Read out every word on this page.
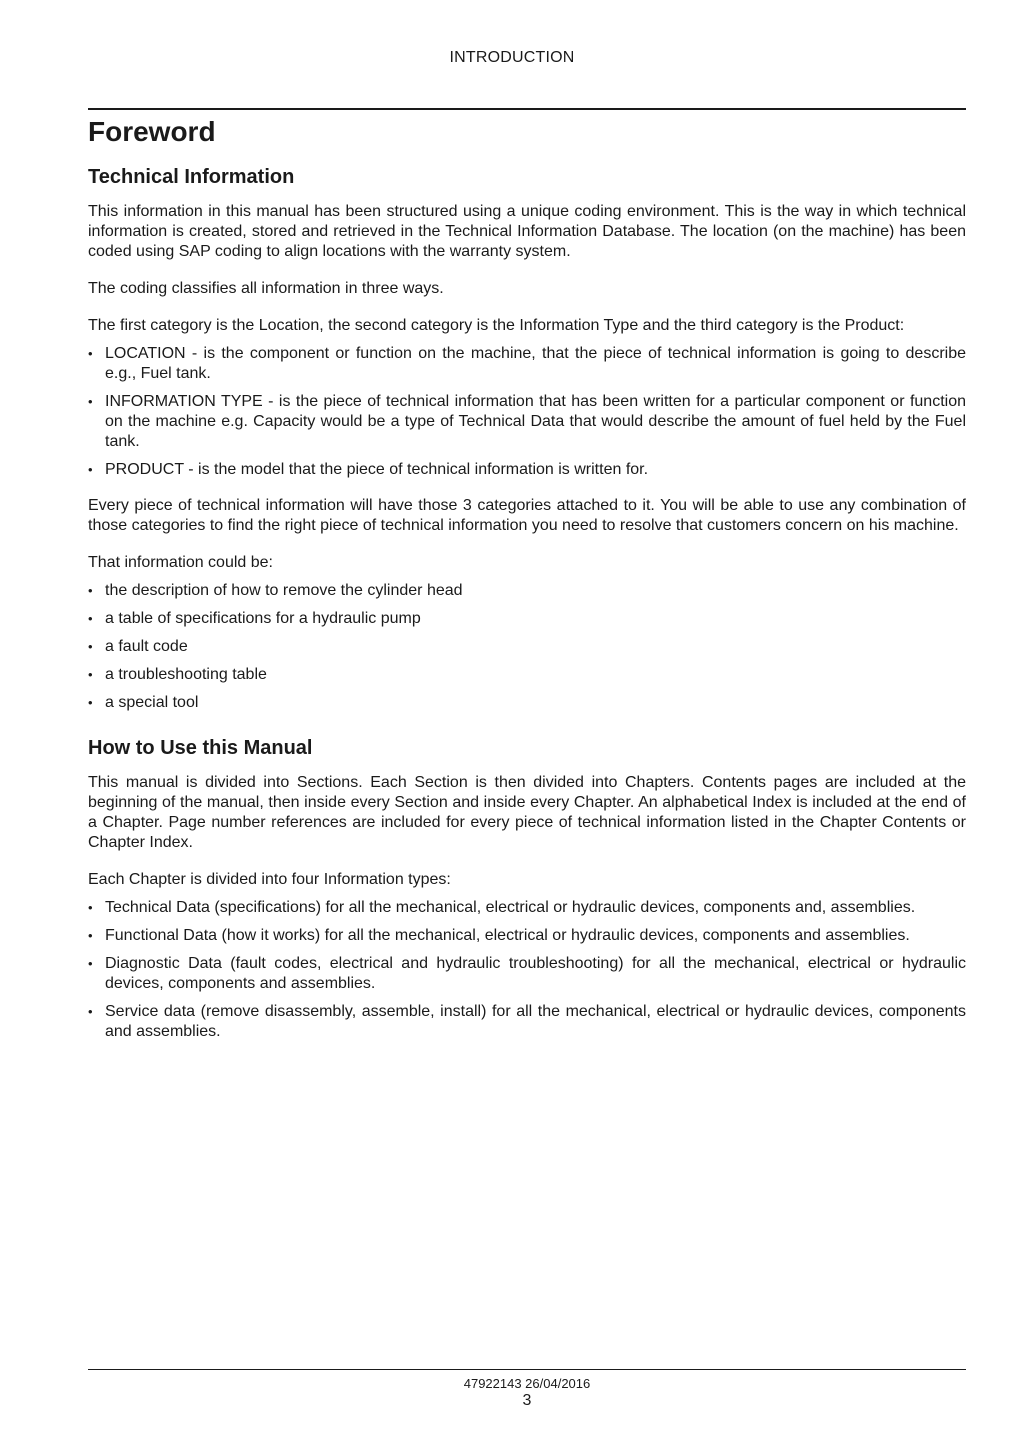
INTRODUCTION
Foreword
Technical Information

This information in this manual has been structured using a unique coding environment. This is the way in which technical information is created, stored and retrieved in the Technical Information Database. The location (on the machine) has been coded using SAP coding to align locations with the warranty system.

The coding classifies all information in three ways.

The first category is the Location, the second category is the Information Type and the third category is the Product:

• LOCATION - is the component or function on the machine, that the piece of technical information is going to describe e.g., Fuel tank.
• INFORMATION TYPE - is the piece of technical information that has been written for a particular component or function on the machine e.g. Capacity would be a type of Technical Data that would describe the amount of fuel held by the Fuel tank.
• PRODUCT - is the model that the piece of technical information is written for.

Every piece of technical information will have those 3 categories attached to it. You will be able to use any combination of those categories to find the right piece of technical information you need to resolve that customers concern on his machine.

That information could be:

• the description of how to remove the cylinder head
• a table of specifications for a hydraulic pump
• a fault code
• a troubleshooting table
• a special tool
How to Use this Manual

This manual is divided into Sections. Each Section is then divided into Chapters. Contents pages are included at the beginning of the manual, then inside every Section and inside every Chapter. An alphabetical Index is included at the end of a Chapter. Page number references are included for every piece of technical information listed in the Chapter Contents or Chapter Index.

Each Chapter is divided into four Information types:

• Technical Data (specifications) for all the mechanical, electrical or hydraulic devices, components and, assemblies.
• Functional Data (how it works) for all the mechanical, electrical or hydraulic devices, components and assemblies.
• Diagnostic Data (fault codes, electrical and hydraulic troubleshooting) for all the mechanical, electrical or hydraulic devices, components and assemblies.
• Service data (remove disassembly, assemble, install) for all the mechanical, electrical or hydraulic devices, components and assemblies.
47922143 26/04/2016
3
